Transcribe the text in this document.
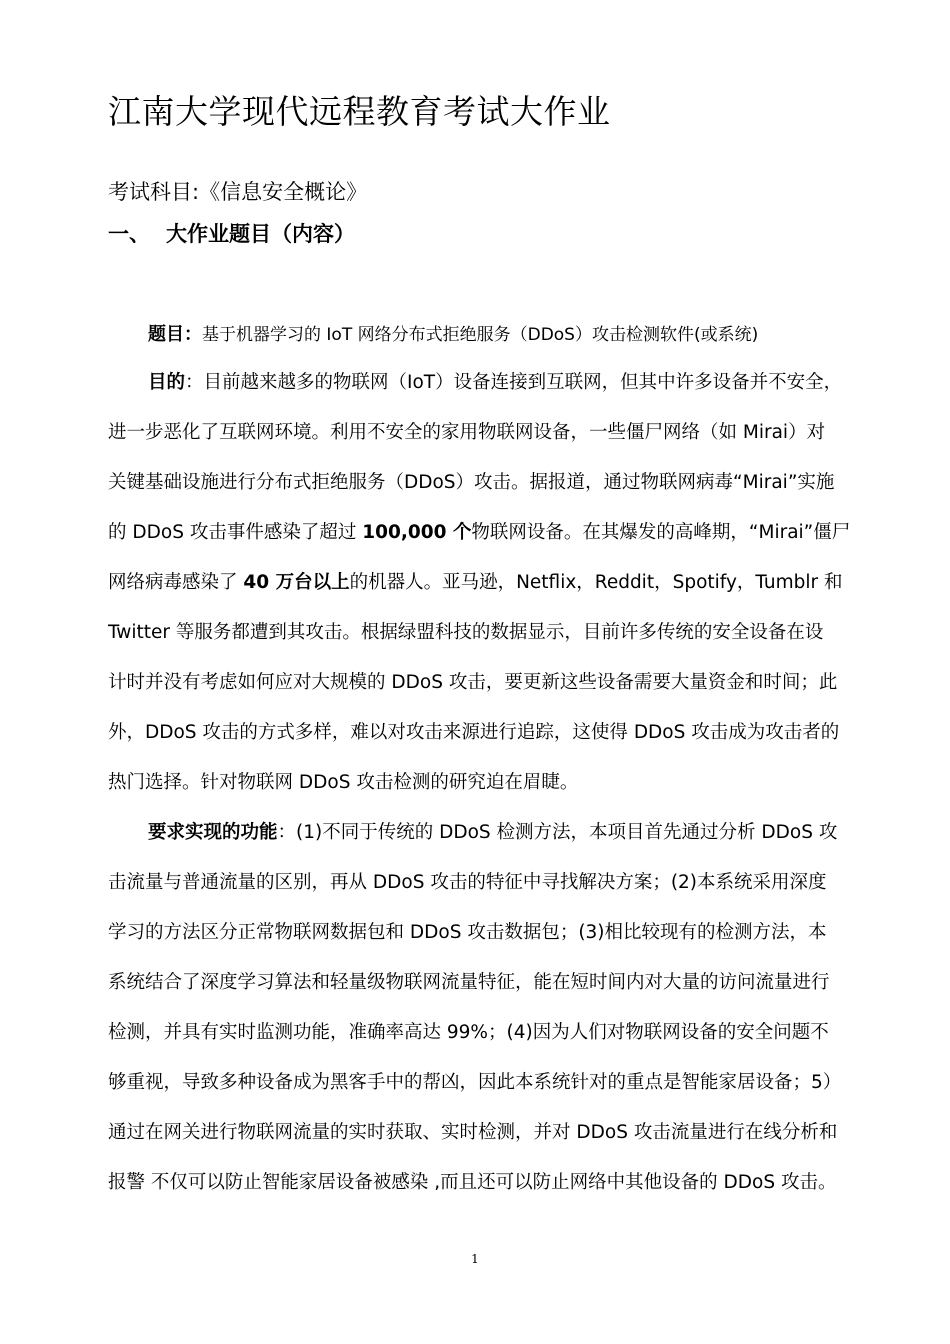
江南大学现代远程教育考试大作业
考试科目:《信息安全概论》
一、 大作业题目（内容）
题目：基于机器学习的 IoT 网络分布式拒绝服务（DDoS）攻击检测软件(或系统)
目的：目前越来越多的物联网（IoT）设备连接到互联网，但其中许多设备并不安全，
进一步恶化了互联网环境。利用不安全的家用物联网设备，一些僵尸网络（如 Mirai）对
关键基础设施进行分布式拒绝服务（DDoS）攻击。据报道，通过物联网病毒“Mirai”实施
的 DDoS 攻击事件感染了超过 100,000 个物联网设备。在其爆发的高峰期，“Mirai”僵尸
网络病毒感染了 40 万台以上的机器人。亚马逊，Netflix，Reddit，Spotify，Tumblr 和
Twitter 等服务都遭到其攻击。根据绿盟科技的数据显示，目前许多传统的安全设备在设
计时并没有考虑如何应对大规模的 DDoS 攻击，要更新这些设备需要大量资金和时间；此
外，DDoS 攻击的方式多样，难以对攻击来源进行追踪，这使得 DDoS 攻击成为攻击者的
热门选择。针对物联网 DDoS 攻击检测的研究迫在眉睫。
要求实现的功能：(1)不同于传统的 DDoS 检测方法，本项目首先通过分析 DDoS 攻
击流量与普通流量的区别，再从 DDoS 攻击的特征中寻找解决方案；(2)本系统采用深度
学习的方法区分正常物联网数据包和 DDoS 攻击数据包；(3)相比较现有的检测方法，本
系统结合了深度学习算法和轻量级物联网流量特征，能在短时间内对大量的访问流量进行
检测，并具有实时监测功能，准确率高达 99%；(4)因为人们对物联网设备的安全问题不
够重视，导致多种设备成为黑客手中的帮凶，因此本系统针对的重点是智能家居设备；5）
通过在网关进行物联网流量的实时获取、实时检测，并对 DDoS 攻击流量进行在线分析和
报警 不仅可以防止智能家居设备被感染 ,而且还可以防止网络中其他设备的 DDoS 攻击。
1
